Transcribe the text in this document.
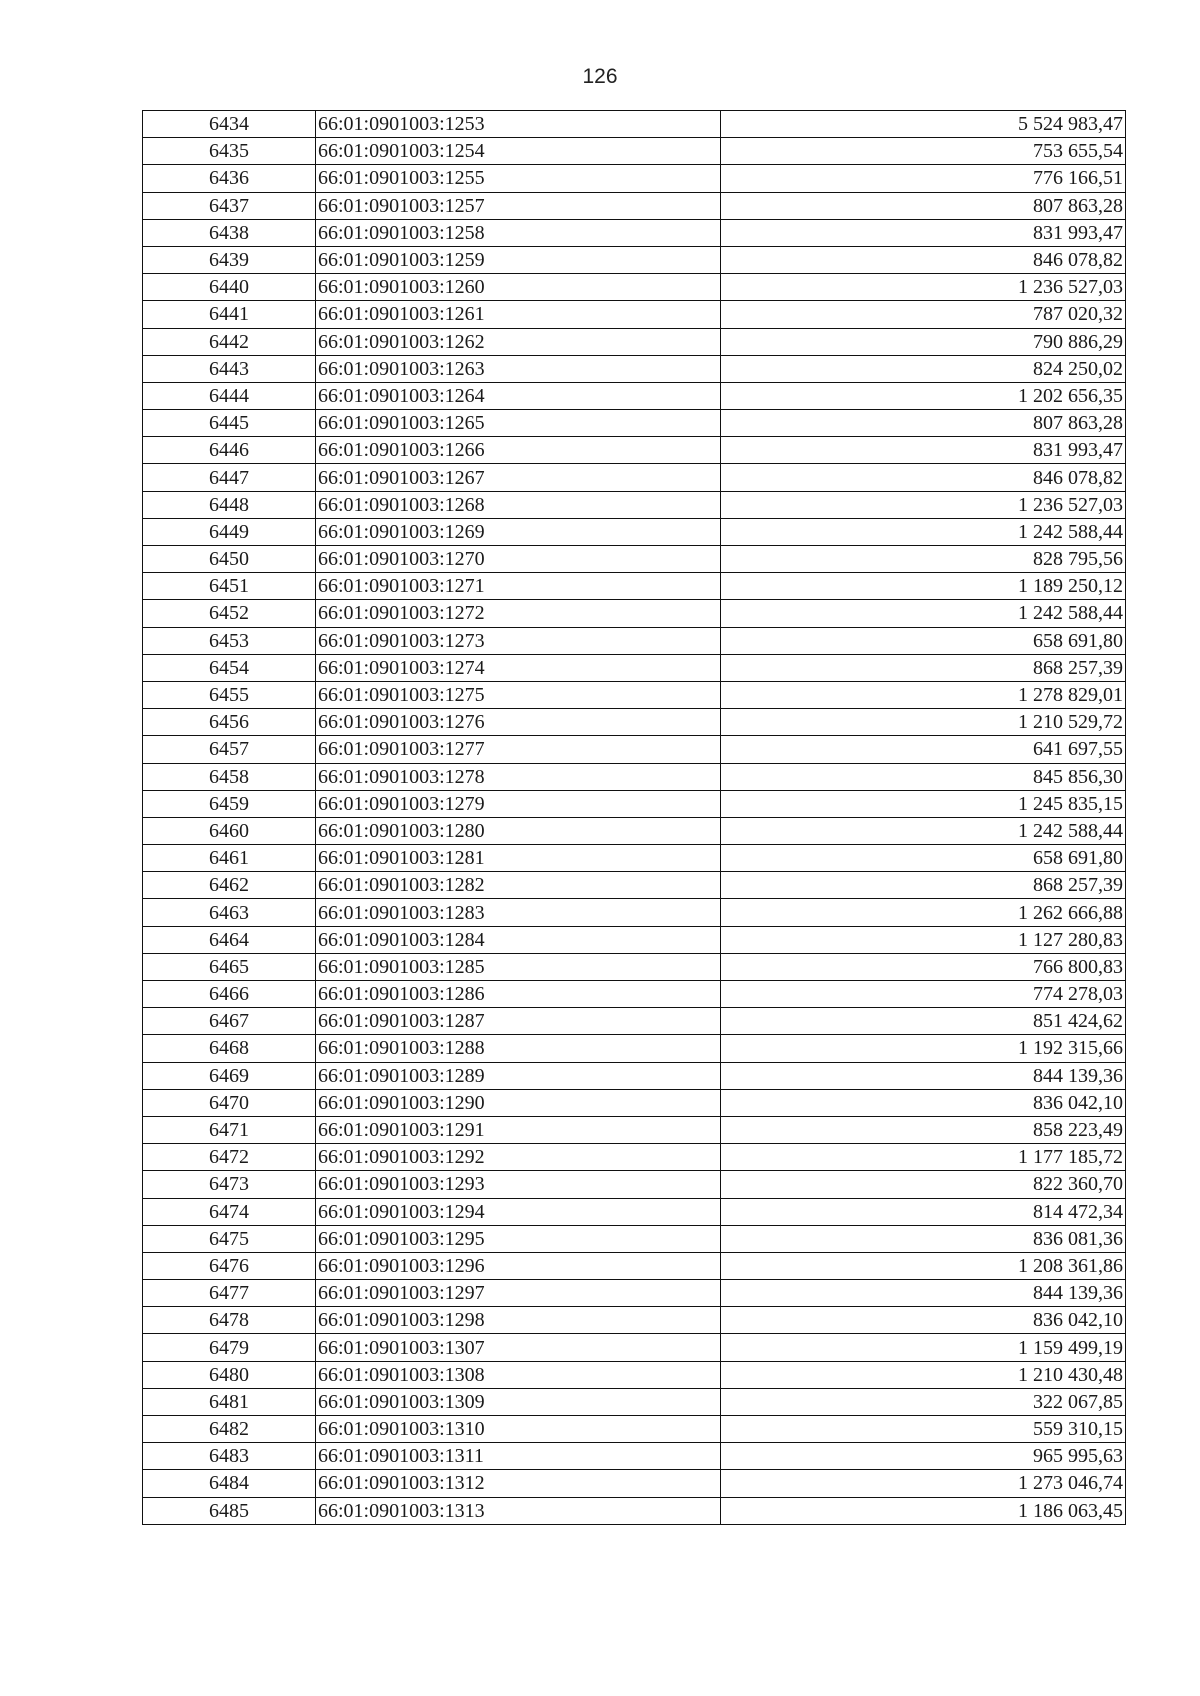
126
6434	66:01:0901003:1253	5 524 983,47
6435	66:01:0901003:1254	753 655,54
6436	66:01:0901003:1255	776 166,51
6437	66:01:0901003:1257	807 863,28
6438	66:01:0901003:1258	831 993,47
6439	66:01:0901003:1259	846 078,82
6440	66:01:0901003:1260	1 236 527,03
6441	66:01:0901003:1261	787 020,32
6442	66:01:0901003:1262	790 886,29
6443	66:01:0901003:1263	824 250,02
6444	66:01:0901003:1264	1 202 656,35
6445	66:01:0901003:1265	807 863,28
6446	66:01:0901003:1266	831 993,47
6447	66:01:0901003:1267	846 078,82
6448	66:01:0901003:1268	1 236 527,03
6449	66:01:0901003:1269	1 242 588,44
6450	66:01:0901003:1270	828 795,56
6451	66:01:0901003:1271	1 189 250,12
6452	66:01:0901003:1272	1 242 588,44
6453	66:01:0901003:1273	658 691,80
6454	66:01:0901003:1274	868 257,39
6455	66:01:0901003:1275	1 278 829,01
6456	66:01:0901003:1276	1 210 529,72
6457	66:01:0901003:1277	641 697,55
6458	66:01:0901003:1278	845 856,30
6459	66:01:0901003:1279	1 245 835,15
6460	66:01:0901003:1280	1 242 588,44
6461	66:01:0901003:1281	658 691,80
6462	66:01:0901003:1282	868 257,39
6463	66:01:0901003:1283	1 262 666,88
6464	66:01:0901003:1284	1 127 280,83
6465	66:01:0901003:1285	766 800,83
6466	66:01:0901003:1286	774 278,03
6467	66:01:0901003:1287	851 424,62
6468	66:01:0901003:1288	1 192 315,66
6469	66:01:0901003:1289	844 139,36
6470	66:01:0901003:1290	836 042,10
6471	66:01:0901003:1291	858 223,49
6472	66:01:0901003:1292	1 177 185,72
6473	66:01:0901003:1293	822 360,70
6474	66:01:0901003:1294	814 472,34
6475	66:01:0901003:1295	836 081,36
6476	66:01:0901003:1296	1 208 361,86
6477	66:01:0901003:1297	844 139,36
6478	66:01:0901003:1298	836 042,10
6479	66:01:0901003:1307	1 159 499,19
6480	66:01:0901003:1308	1 210 430,48
6481	66:01:0901003:1309	322 067,85
6482	66:01:0901003:1310	559 310,15
6483	66:01:0901003:1311	965 995,63
6484	66:01:0901003:1312	1 273 046,74
6485	66:01:0901003:1313	1 186 063,45
